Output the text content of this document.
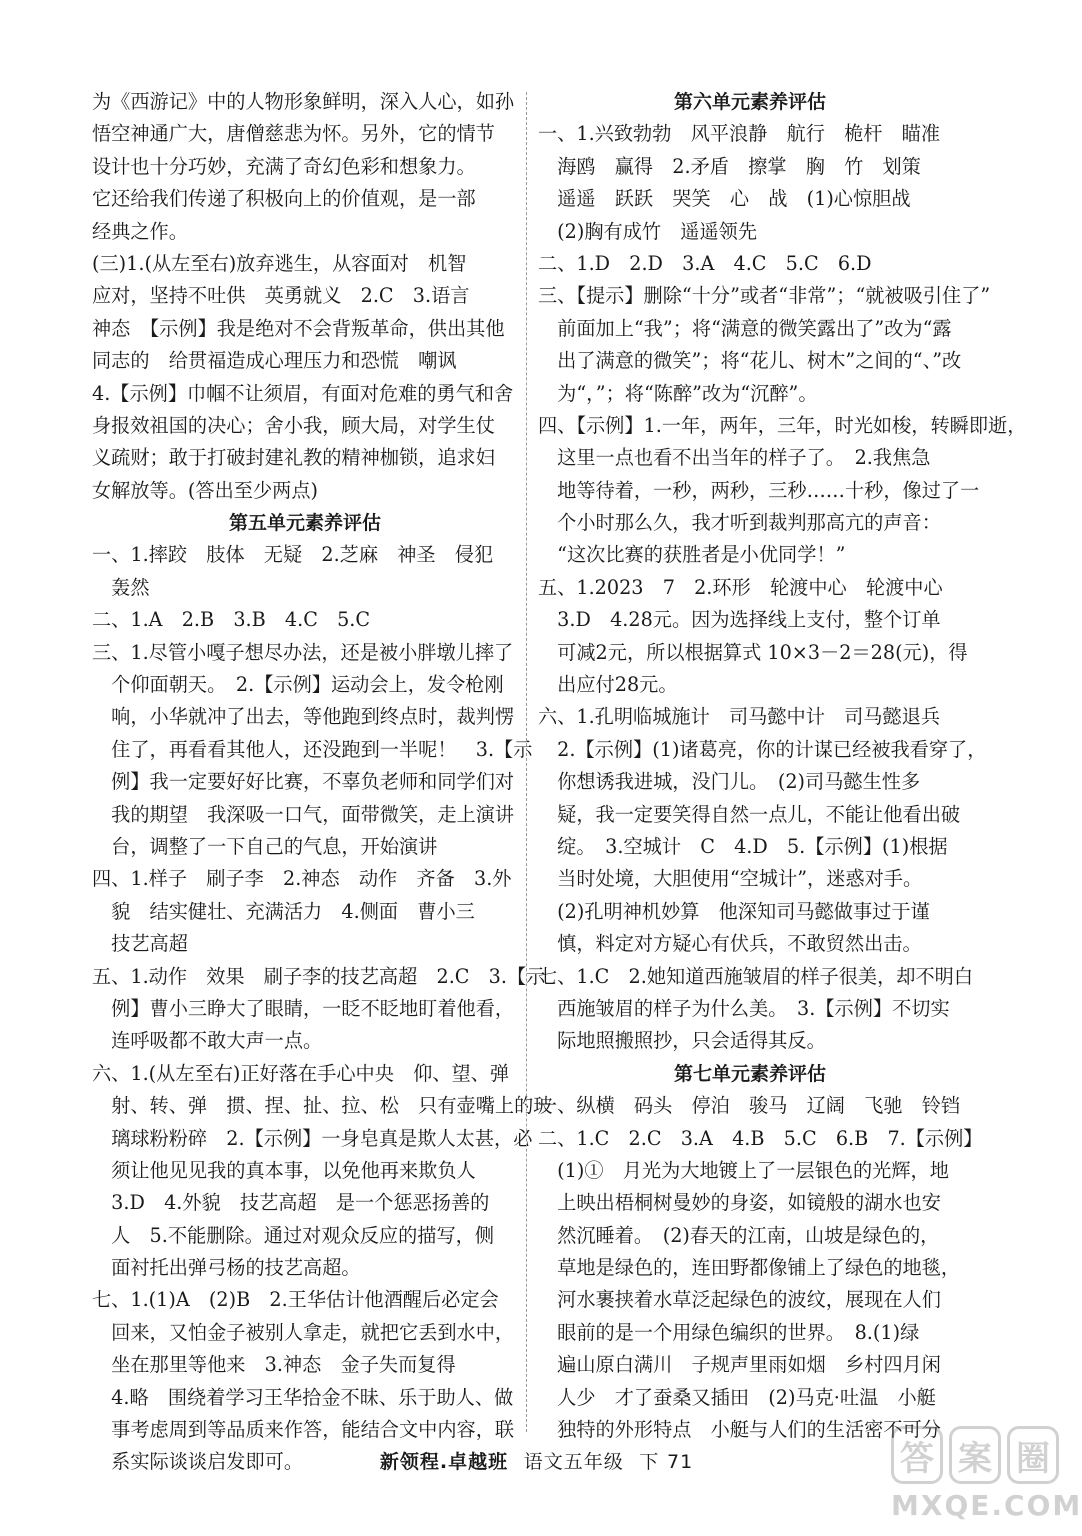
为《西游记》中的人物形象鲜明，深入人心，如孙
悟空神通广大，唐僧慈悲为怀。另外，它的情节
设计也十分巧妙，充满了奇幻色彩和想象力。
它还给我们传递了积极向上的价值观，是一部
经典之作。
(三)1.(从左至右)放弃逃生，从容面对　机智
应对，坚持不吐供　英勇就义　2.C　3.语言
神态　【示例】我是绝对不会背叛革命，供出其他
同志的　给贯福造成心理压力和恐慌　嘲讽
4.【示例】巾帼不让须眉，有面对危难的勇气和舍
身报效祖国的决心；舍小我，顾大局，对学生仗
义疏财；敢于打破封建礼教的精神枷锁，追求妇
女解放等。(答出至少两点)
第五单元素养评估
一、1.摔跤　肢体　无疑　2.芝麻　神圣　侵犯
　轰然
二、1.A　2.B　3.B　4.C　5.C
三、1.尽管小嘎子想尽办法，还是被小胖墩儿摔了
　个仰面朝天。　2.【示例】运动会上，发令枪刚
　响，小华就冲了出去，等他跑到终点时，裁判愣
　住了，再看看其他人，还没跑到一半呢！　3.【示
　例】我一定要好好比赛，不辜负老师和同学们对
　我的期望　我深吸一口气，面带微笑，走上演讲
　台，调整了一下自己的气息，开始演讲
四、1.样子　刷子李　2.神态　动作　齐备　3.外
　貌　结实健壮、充满活力　4.侧面　曹小三
　技艺高超
五、1.动作　效果　刷子李的技艺高超　2.C　3.【示
　例】曹小三睁大了眼睛，一眨不眨地盯着他看，
　连呼吸都不敢大声一点。
六、1.(从左至右)正好落在手心中央　仰、望、弹
　射、转、弹　掼、捏、扯、拉、松　只有壶嘴上的玻
　璃球粉粉碎　2.【示例】一身皂真是欺人太甚，必
　须让他见见我的真本事，以免他再来欺负人
　3.D　4.外貌　技艺高超　是一个惩恶扬善的
　人　5.不能删除。通过对观众反应的描写，侧
　面衬托出弹弓杨的技艺高超。
七、1.(1)A　(2)B　2.王华估计他酒醒后必定会
　回来，又怕金子被别人拿走，就把它丢到水中，
　坐在那里等他来　3.神态　金子失而复得
　4.略　围绕着学习王华拾金不昧、乐于助人、做
　事考虑周到等品质来作答，能结合文中内容，联
　系实际谈谈启发即可。
第六单元素养评估
一、1.兴致勃勃　风平浪静　航行　桅杆　瞄准
　海鸥　赢得　2.矛盾　擦掌　胸　竹　划策
　遥遥　跃跃　哭笑　心　战　(1)心惊胆战
　(2)胸有成竹　遥遥领先
二、1.D　2.D　3.A　4.C　5.C　6.D
三、【提示】删除“十分”或者“非常”；“就被吸引住了”
　前面加上“我”；将“满意的微笑露出了”改为“露
　出了满意的微笑”；将“花儿、树木”之间的“、”改
　为“，”；将“陈醉”改为“沉醉”。
四、【示例】1.一年，两年，三年，时光如梭，转瞬即逝，
　这里一点也看不出当年的样子了。　2.我焦急
　地等待着，一秒，两秒，三秒……十秒，像过了一
　个小时那么久，我才听到裁判那高亢的声音：
　“这次比赛的获胜者是小优同学！”
五、1.2023　7　2.环形　轮渡中心　轮渡中心
　3.D　4.28元。因为选择线上支付，整个订单
　可减2元，所以根据算式 10×3－2＝28(元)，得
　出应付28元。
六、1.孔明临城施计　司马懿中计　司马懿退兵
　2.【示例】(1)诸葛亮，你的计谋已经被我看穿了，
　你想诱我进城，没门儿。　(2)司马懿生性多
　疑，我一定要笑得自然一点儿，不能让他看出破
　绽。　3.空城计　C　4.D　5.【示例】(1)根据
　当时处境，大胆使用“空城计”，迷惑对手。
　(2)孔明神机妙算　他深知司马懿做事过于谨
　慎，料定对方疑心有伏兵，不敢贸然出击。
七、1.C　2.她知道西施皱眉的样子很美，却不明白
　西施皱眉的样子为什么美。　3.【示例】不切实
　际地照搬照抄，只会适得其反。
第七单元素养评估
一、纵横　码头　停泊　骏马　辽阔　飞驰　铃铛
二、1.C　2.C　3.A　4.B　5.C　6.B　7.【示例】
　(1)①　月光为大地镀上了一层银色的光辉，地
　上映出梧桐树曼妙的身姿，如镜般的湖水也安
　然沉睡着。　(2)春天的江南，山坡是绿色的，
　草地是绿色的，连田野都像铺上了绿色的地毯，
　河水裹挟着水草泛起绿色的波纹，展现在人们
　眼前的是一个用绿色编织的世界。　8.(1)绿
　遍山原白满川　子规声里雨如烟　乡村四月闲
　人少　才了蚕桑又插田　(2)马克·吐温　小艇
　独特的外形特点　小艇与人们的生活密不可分
新领程.卓越班 语文五年级 下 71	答 案 圈
MXQE.COM
